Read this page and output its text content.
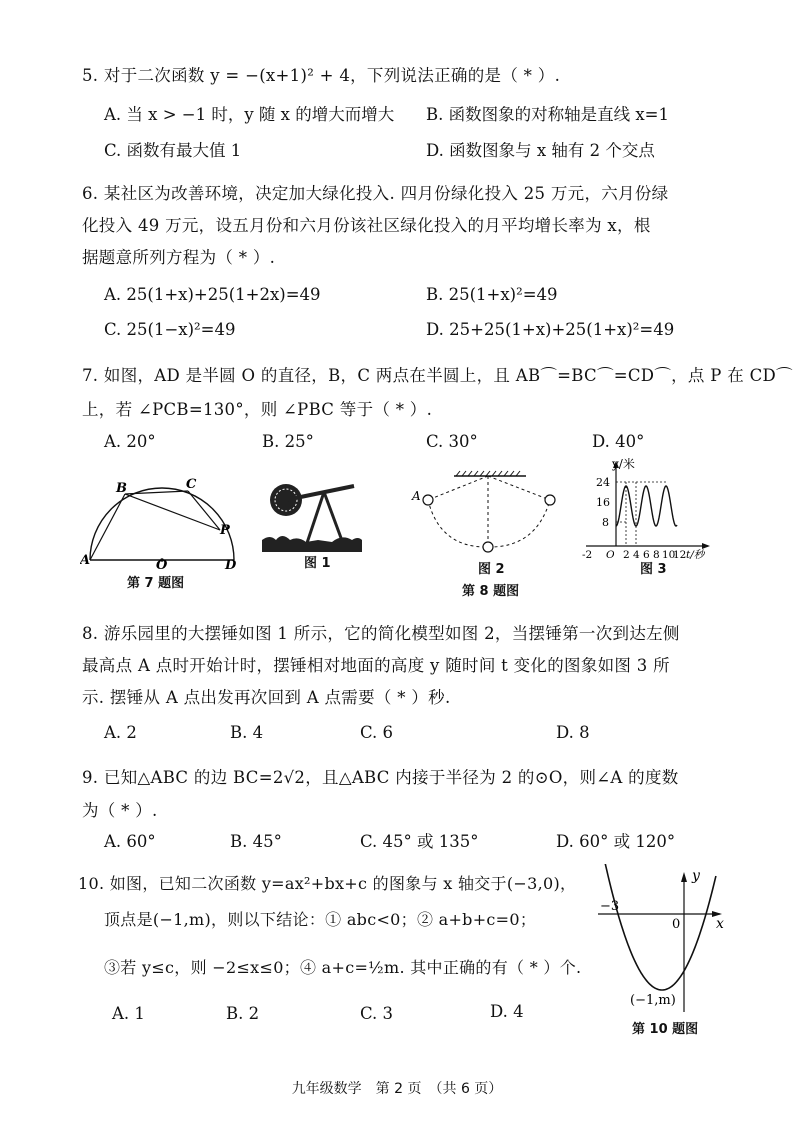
5. 对于二次函数 y = −(x+1)² + 4，下列说法正确的是（ * ）.
A. 当 x > −1 时，y 随 x 的增大而增大 B. 函数图象的对称轴是直线 x=1
C. 函数有最大值 1	D. 函数图象与 x 轴有 2 个交点
6. 某社区为改善环境，决定加大绿化投入. 四月份绿化投入 25 万元，六月份绿
化投入 49 万元，设五月份和六月份该社区绿化投入的月平均增长率为 x，根
据题意所列方程为（ * ）.
A. 25(1+x)+25(1+2x)=49	B. 25(1+x)²=49
C. 25(1−x)²=49	D. 25+25(1+x)+25(1+x)²=49
7. 如图，AD 是半圆 O 的直径，B，C 两点在半圆上，且 AB⌒=BC⌒=CD⌒，点 P 在 CD⌒
上，若 ∠PCB=130°，则 ∠PBC 等于（ * ）.
A. 20°	B. 25°	C. 30°	D. 40°
B	C
P
A	O	D
第 7 题图
图 1
A
图 2
y/米
24
16
8
-2 O 2 4 6 8 10
12 t/秒
图 3
第 8 题图
8. 游乐园里的大摆锤如图 1 所示，它的简化模型如图 2，当摆锤第一次到达左侧
最高点 A 点时开始计时，摆锤相对地面的高度 y 随时间 t 变化的图象如图 3 所
示. 摆锤从 A 点出发再次回到 A 点需要（ * ）秒.
A. 2	B. 4	C. 6	D. 8
9. 已知△ABC 的边 BC=2√2，且△ABC 内接于半径为 2 的⊙O，则∠A 的度数
为（ * ）.
A. 60°	B. 45°	C. 45° 或 135°	D. 60° 或 120°
10. 如图，已知二次函数 y=ax²+bx+c 的图象与 x 轴交于(−3,0)，
顶点是(−1,m)，则以下结论：① abc<0；② a+b+c=0；
③若 y≤c，则 −2≤x≤0；④ a+c=½m. 其中正确的有（ * ）个.
A. 1	B. 2	C. 3	D. 4
y
x
−3
0
(−1,m)
第 10 题图
九年级数学　第 2 页　（共 6 页）
